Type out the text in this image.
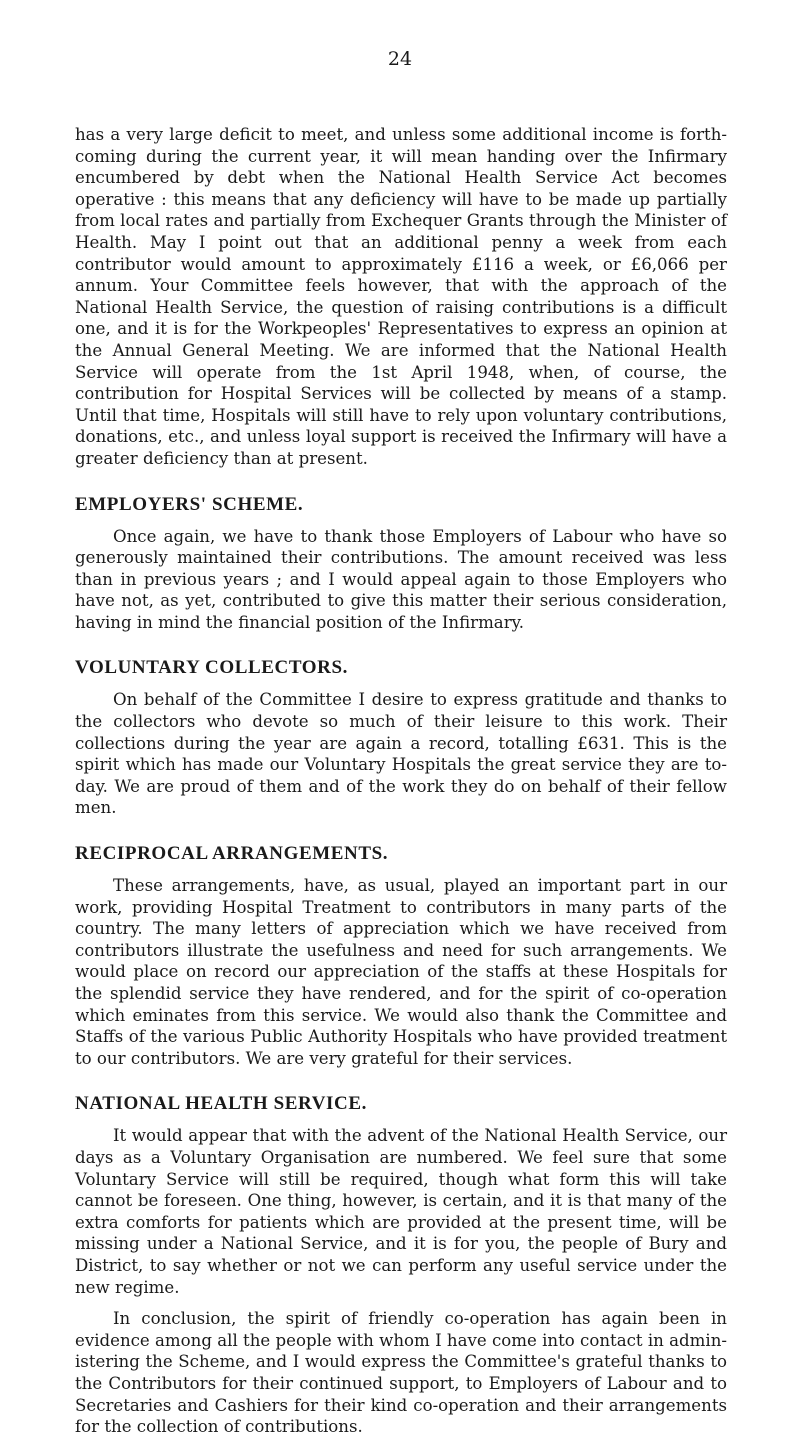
24

has a very large deficit to meet, and unless some additional income is forth-coming during the current year, it will mean handing over the Infirmary encumbered by debt when the National Health Service Act becomes operative : this means that any deficiency will have to be made up partially from local rates and partially from Exchequer Grants through the Minister of Health. May I point out that an additional penny a week from each contributor would amount to approximately £116 a week, or £6,066 per annum. Your Committee feels however, that with the approach of the National Health Service, the question of raising contributions is a difficult one, and it is for the Workpeoples' Representatives to express an opinion at the Annual General Meeting. We are informed that the National Health Service will operate from the 1st April 1948, when, of course, the contribution for Hospital Services will be collected by means of a stamp. Until that time, Hospitals will still have to rely upon voluntary contributions, donations, etc., and unless loyal support is received the Infirmary will have a greater deficiency than at present.

EMPLOYERS' SCHEME.

Once again, we have to thank those Employers of Labour who have so generously maintained their contributions. The amount received was less than in previous years ; and I would appeal again to those Employers who have not, as yet, contributed to give this matter their serious consideration, having in mind the financial position of the Infirmary.

VOLUNTARY COLLECTORS.

On behalf of the Committee I desire to express gratitude and thanks to the collectors who devote so much of their leisure to this work. Their collections during the year are again a record, totalling £631. This is the spirit which has made our Voluntary Hospitals the great service they are to-day. We are proud of them and of the work they do on behalf of their fellow men.

RECIPROCAL ARRANGEMENTS.

These arrangements, have, as usual, played an important part in our work, providing Hospital Treatment to contributors in many parts of the country. The many letters of appreciation which we have received from contributors illustrate the usefulness and need for such arrangements. We would place on record our appreciation of the staffs at these Hospitals for the splendid service they have rendered, and for the spirit of co-operation which eminates from this service. We would also thank the Committee and Staffs of the various Public Authority Hospitals who have provided treatment to our contributors. We are very grateful for their services.

NATIONAL HEALTH SERVICE.

It would appear that with the advent of the National Health Service, our days as a Voluntary Organisation are numbered. We feel sure that some Voluntary Service will still be required, though what form this will take cannot be foreseen. One thing, however, is certain, and it is that many of the extra comforts for patients which are provided at the present time, will be missing under a National Service, and it is for you, the people of Bury and District, to say whether or not we can perform any useful service under the new regime.

In conclusion, the spirit of friendly co-operation has again been in evidence among all the people with whom I have come into contact in admin-istering the Scheme, and I would express the Committee's grateful thanks to the Contributors for their continued support, to Employers of Labour and to Secretaries and Cashiers for their kind co-operation and their arrangements for the collection of contributions.
